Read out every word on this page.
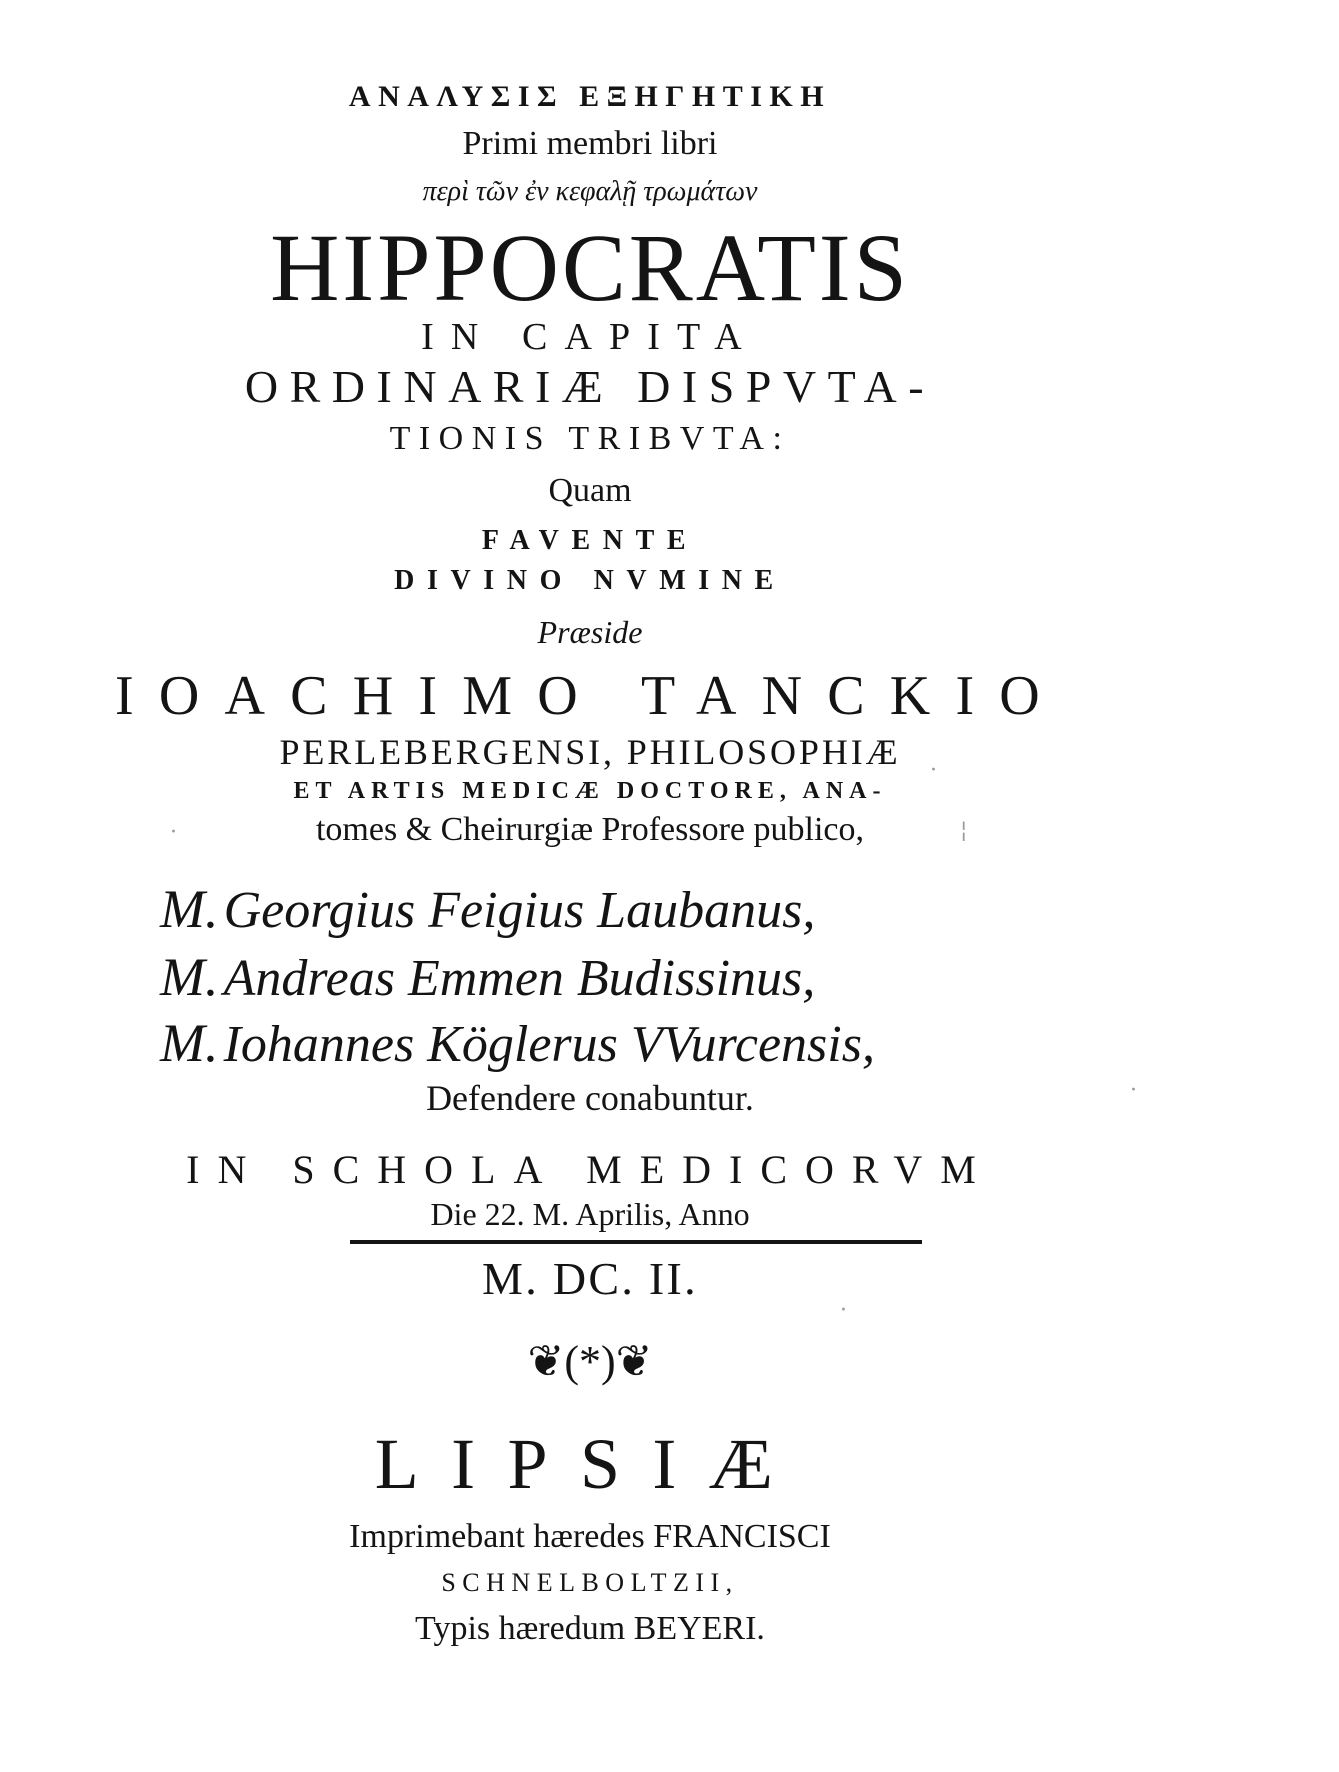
ΑΝΑΛΥΣΙΣ ΕΞΗΓΗΤΙΚΗ
Primi membri libri
περὶ τῶν ἐν κεφαλῇ τρωμάτων
HIPPOCRATIS
IN CAPITA
ORDINARIÆ DISPVTA-
TIONIS TRIBVTA:
Quam
FAVENTE
DIVINO NVMINE
Præside
IOACHIMO TANCKIO
PERLEBERGENSI, PHILOSOPHIÆ
ET ARTIS MEDICÆ DOCTORE, ANA-
tomes & Cheirurgiæ Professore publico,
M. Georgius Feigius Laubanus,
M. Andreas Emmen Budissinus,
M. Iohannes Köglerus VVurcensis,
Defendere conabuntur.
IN SCHOLA MEDICORVM
Die 22. M. Aprilis, Anno
M. DC. II.
❦(*)❦
LIPSIÆ
Imprimebant hæredes FRANCISCI
SCHNELBOLTZII,
Typis hæredum BEYERI.
·
¦
·
·
·
